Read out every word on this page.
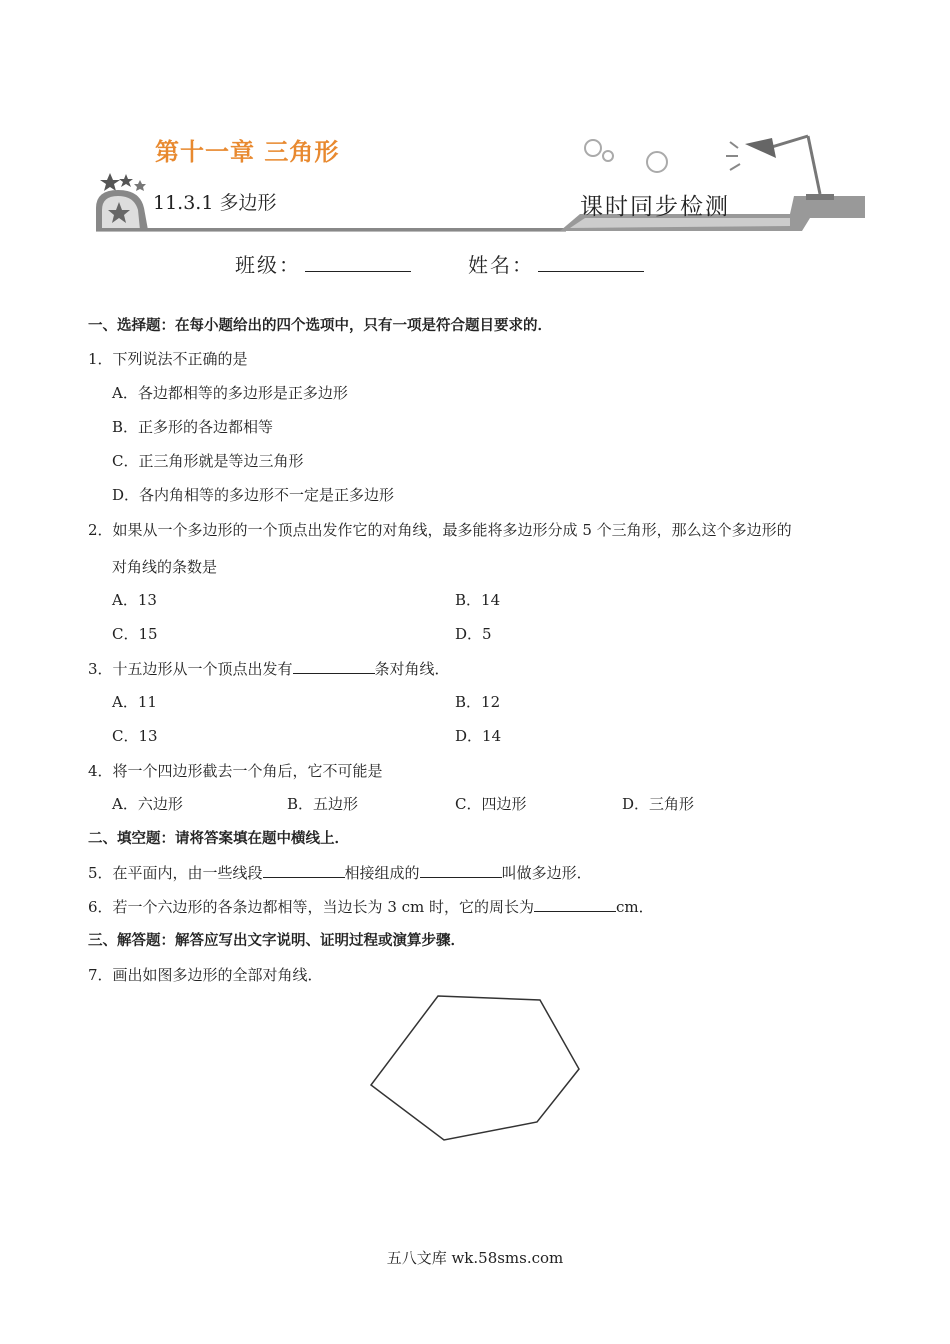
第十一章 三角形
11.3.1 多边形	课时同步检测
班级：	姓名：
一、选择题：在每小题给出的四个选项中，只有一项是符合题目要求的．
1．下列说法不正确的是
A．各边都相等的多边形是正多边形
B．正多形的各边都相等
C．正三角形就是等边三角形
D．各内角相等的多边形不一定是正多边形
2．如果从一个多边形的一个顶点出发作它的对角线，最多能将多边形分成 5 个三角形，那么这个多边形的
对角线的条数是
A．13	B．14
C．15	D．5
3．十五边形从一个顶点出发有	条对角线．
A．11	B．12
C．13	D．14
4．将一个四边形截去一个角后，它不可能是
A．六边形	B．五边形	C．四边形	D．三角形
二、填空题：请将答案填在题中横线上．
5．在平面内，由一些线段	相接组成的	叫做多边形．
6．若一个六边形的各条边都相等，当边长为 3 cm 时，它的周长为	cm．
三、解答题：解答应写出文字说明、证明过程或演算步骤．
7．画出如图多边形的全部对角线．
五八文库 wk.58sms.com
